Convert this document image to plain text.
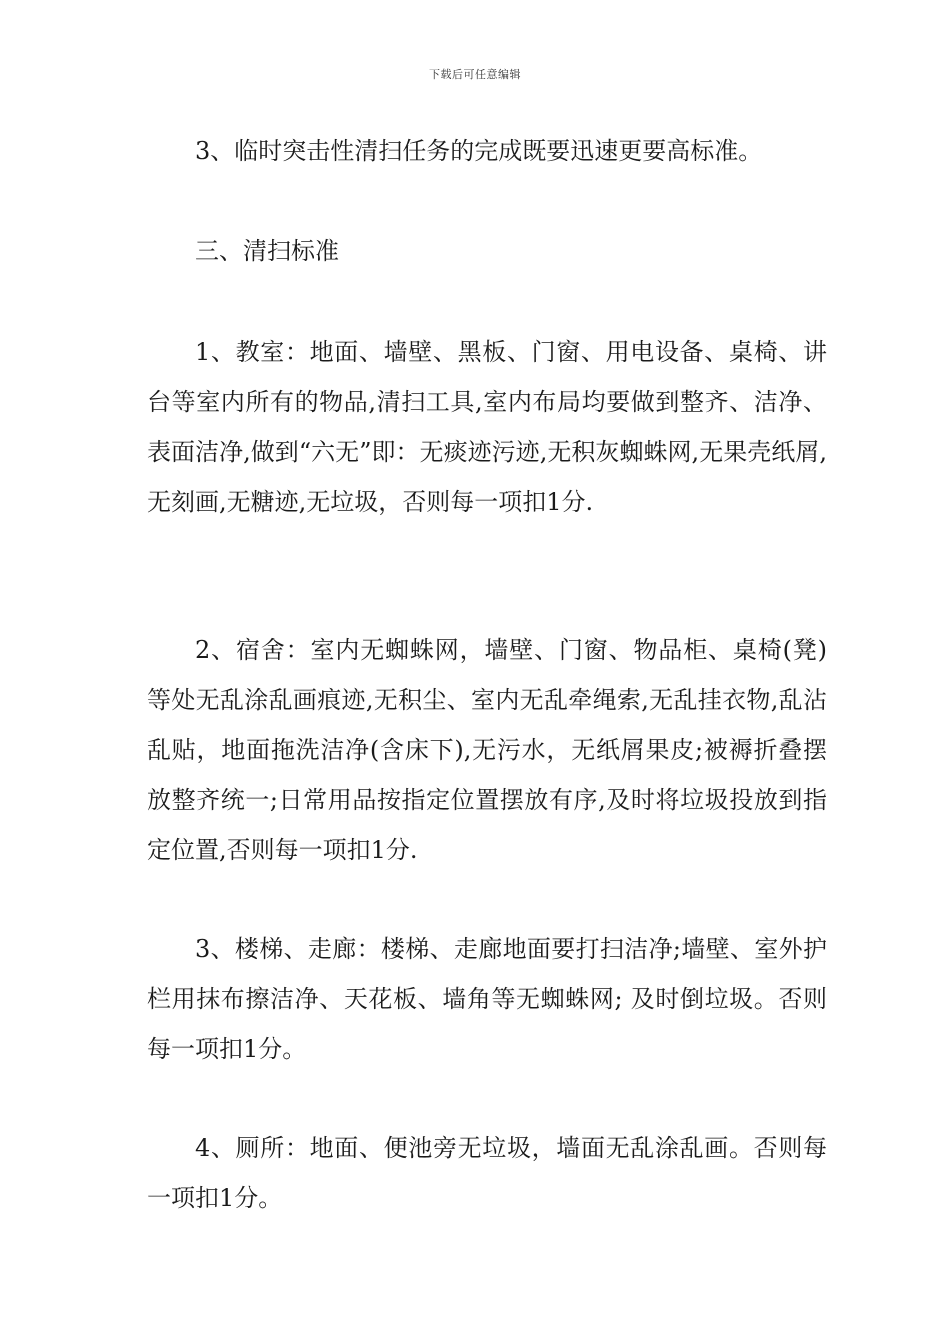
下载后可任意编辑

3、临时突击性清扫任务的完成既要迅速更要高标准。

三、清扫标准

1、教室：地面、墙壁、黑板、门窗、用电设备、桌椅、讲台等室内所有的物品,清扫工具,室内布局均要做到整齐、洁净、表面洁净,做到“六无”即：无痰迹污迹,无积灰蜘蛛网,无果壳纸屑,无刻画,无糖迹,无垃圾，否则每一项扣1分.

2、宿舍：室内无蜘蛛网，墙壁、门窗、物品柜、桌椅(凳)等处无乱涂乱画痕迹,无积尘、室内无乱牵绳索,无乱挂衣物,乱沾乱贴，地面拖洗洁净(含床下),无污水，无纸屑果皮;被褥折叠摆放整齐统一;日常用品按指定位置摆放有序,及时将垃圾投放到指定位置,否则每一项扣1分.

3、楼梯、走廊：楼梯、走廊地面要打扫洁净;墙壁、室外护栏用抹布擦洁净、天花板、墙角等无蜘蛛网; 及时倒垃圾。否则每一项扣1分。

4、厕所：地面、便池旁无垃圾，墙面无乱涂乱画。否则每一项扣1分。
